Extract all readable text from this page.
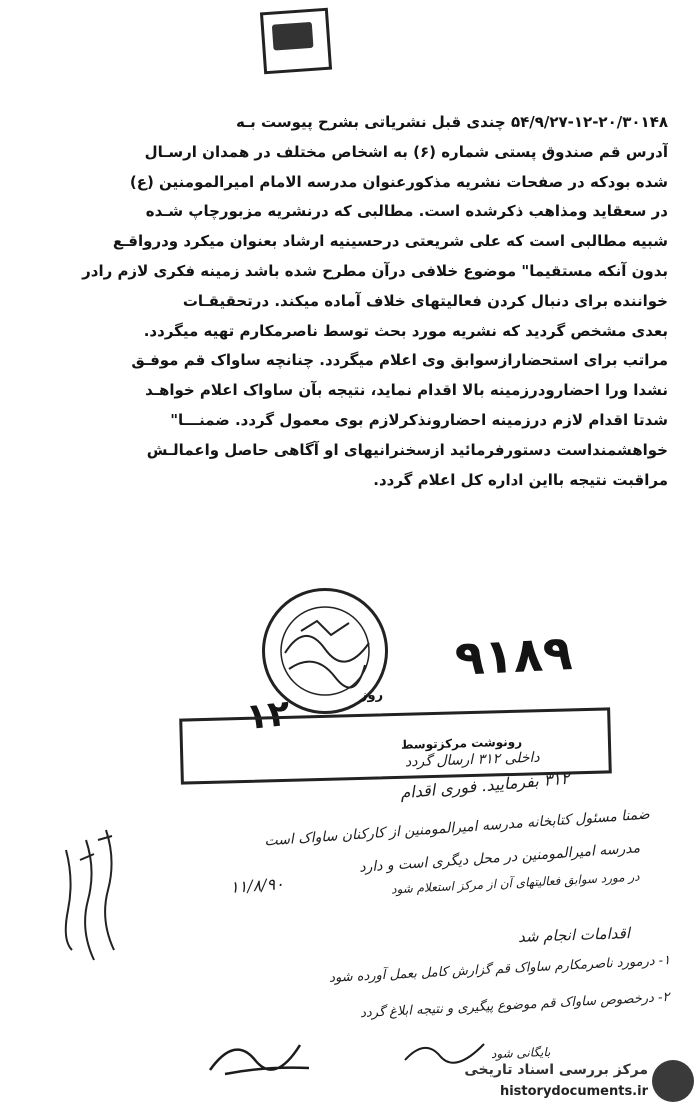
۵۴/۹/۲۷-۱۲-۲۰/۳۰۱۴۸ چندی قبل نشریاتی بشرح پیوست بـه
آدرس قم صندوق پستی شماره (۶) به اشخاص مختلف در همدان ارسـال
شده بودکه در صفحات نشریه مذکورعنوان مدرسه الامام امیرالمومنین (ع)
در سعقاید ومذاهب ذکرشده است. مطالبی که درنشریه مزبورچاپ شـده
شبیه مطالبی است که علی شریعتی درحسینیه ارشاد بعنوان میکرد ودرواقـع
بدون آنکه مستقیما" موضوع خلافی درآن مطرح شده باشد زمینه فکری لازم رادر
خواننده برای دنبال کردن فعالیتهای خلاف آماده میکند. درتحقیقـات
بعدی مشخص گردید که نشریه مورد بحث توسط ناصرمکارم تهیه میگردد.
مراتب برای استحضارازسوابق وی اعلام میگردد. چنانچه ساواک قم موفـق
نشدا ورا احضارودرزمینه بالا اقدام نماید، نتیجه بآن ساواک اعلام خواهـد
شدتا اقدام لازم درزمینه احضارونذکرلازم بوی معمول گردد. ضمنـــا"
خواهشمنداست دستورفرمائید ازسخنرانیهای او آگاهی حاصل واعمالـش
مراقبت نتیجه بااین اداره کل اعلام گردد.
۹۱۸۹
روز
۱۲
رونوشت مرکزتوسط
داخلی ۳۱۲ ارسال گردد
۳۱۲ بفرمایید. فوری اقدام
ضمنا مسئول کتابخانه مدرسه امیرالمومنین از کارکنان ساواک است
مدرسه امیرالمومنین در محل دیگری است و دارد
در مورد سوابق فعالیتهای آن از مرکز استعلام شود
۱۱/۸/۹۰
اقدامات انجام شد
۱- درمورد ناصرمکارم ساواک قم گزارش کامل بعمل آورده شود
۲- درخصوص ساواک قم موضوع پیگیری و نتیجه ابلاغ گردد
بایگانی شود
مرکز بررسی اسناد تاریخی
historydocuments.ir
